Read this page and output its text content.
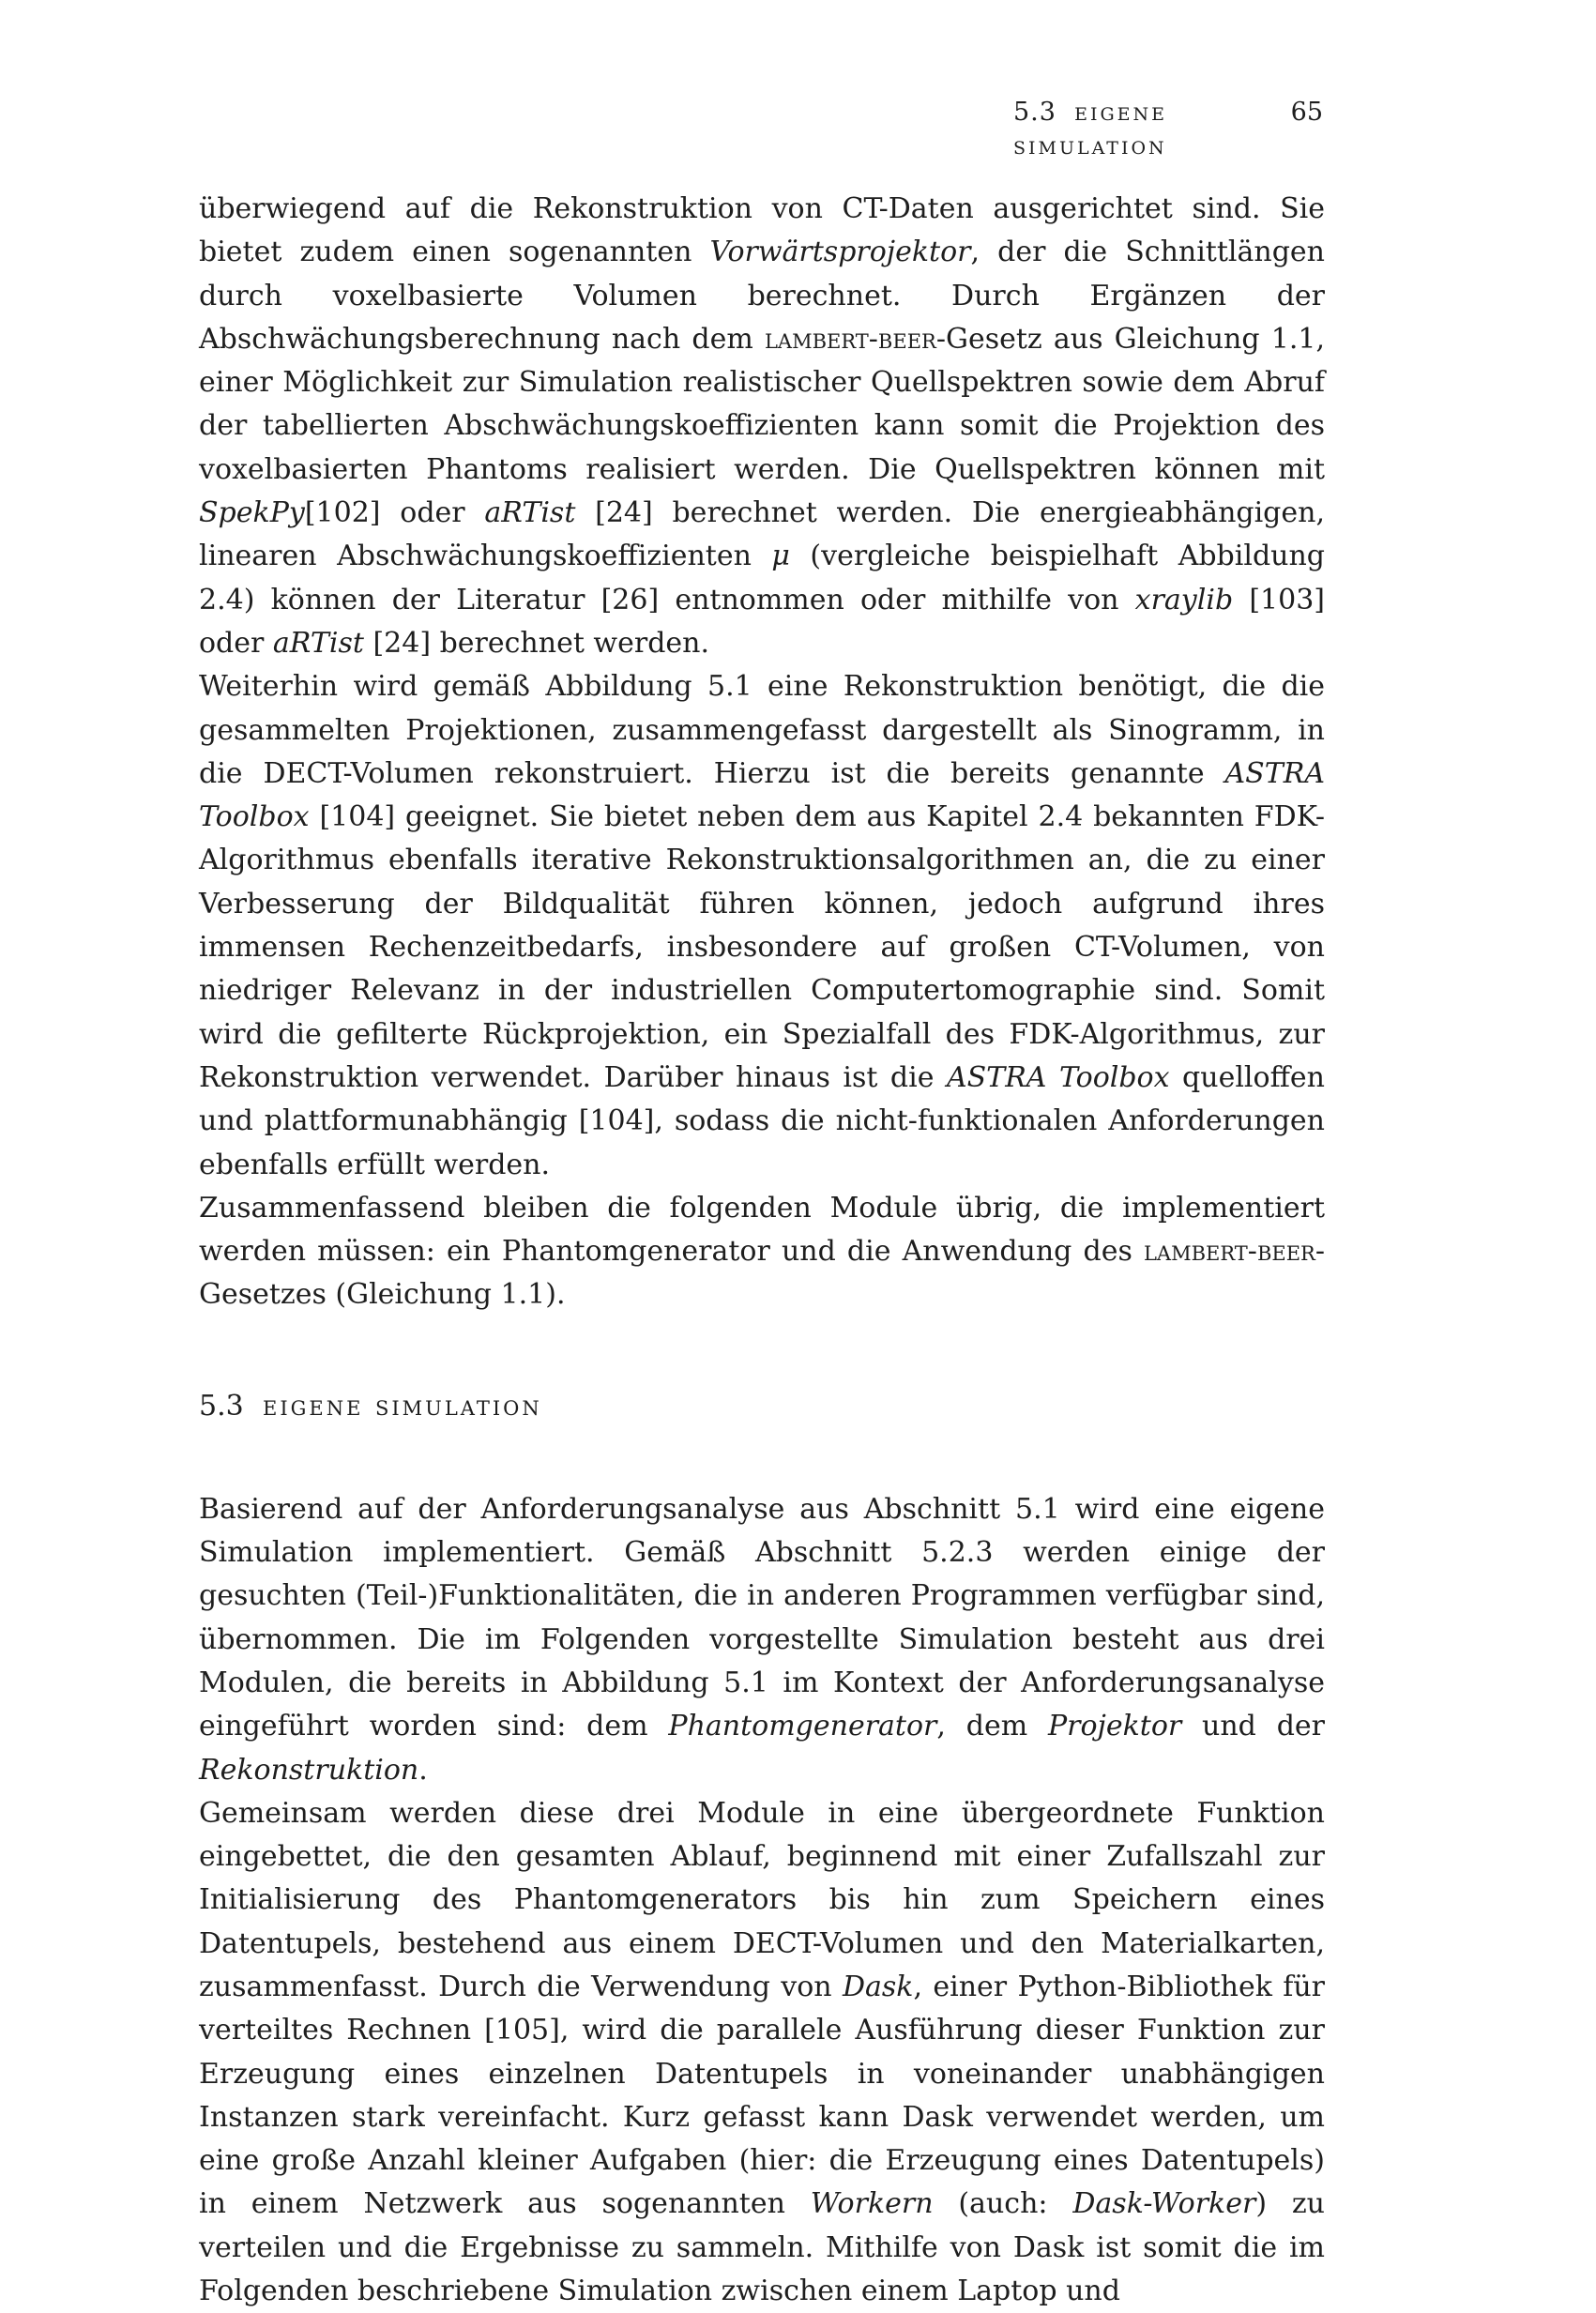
5.3 eigene simulation
65

überwiegend auf die Rekonstruktion von CT-Daten ausgerichtet sind. Sie bietet zudem einen sogenannten Vorwärtsprojektor, der die Schnittlängen durch voxelbasierte Volumen berechnet. Durch Ergänzen der Abschwächungsberechnung nach dem lambert-beer-Gesetz aus Gleichung 1.1, einer Möglichkeit zur Simulation realistischer Quellspektren sowie dem Abruf der tabellierten Abschwächungskoeffizienten kann somit die Projektion des voxelbasierten Phantoms realisiert werden. Die Quellspektren können mit SpekPy[102] oder aRTist [24] berechnet werden. Die energieabhängigen, linearen Abschwächungskoeffizienten μ (vergleiche beispielhaft Abbildung 2.4) können der Literatur [26] entnommen oder mithilfe von xraylib [103] oder aRTist [24] berechnet werden.

Weiterhin wird gemäß Abbildung 5.1 eine Rekonstruktion benötigt, die die gesammelten Projektionen, zusammengefasst dargestellt als Sinogramm, in die DECT-Volumen rekonstruiert. Hierzu ist die bereits genannte ASTRA Toolbox [104] geeignet. Sie bietet neben dem aus Kapitel 2.4 bekannten FDK-Algorithmus ebenfalls iterative Rekonstruktionsalgorithmen an, die zu einer Verbesserung der Bildqualität führen können, jedoch aufgrund ihres immensen Rechenzeitbedarfs, insbesondere auf großen CT-Volumen, von niedriger Relevanz in der industriellen Computertomographie sind. Somit wird die gefilterte Rückprojektion, ein Spezialfall des FDK-Algorithmus, zur Rekonstruktion verwendet. Darüber hinaus ist die ASTRA Toolbox quelloffen und plattformunabhängig [104], sodass die nicht-funktionalen Anforderungen ebenfalls erfüllt werden.

Zusammenfassend bleiben die folgenden Module übrig, die implementiert werden müssen: ein Phantomgenerator und die Anwendung des lambert-beer-Gesetzes (Gleichung 1.1).

5.3 eigene simulation

Basierend auf der Anforderungsanalyse aus Abschnitt 5.1 wird eine eigene Simulation implementiert. Gemäß Abschnitt 5.2.3 werden einige der gesuchten (Teil-)Funktionalitäten, die in anderen Programmen verfügbar sind, übernommen. Die im Folgenden vorgestellte Simulation besteht aus drei Modulen, die bereits in Abbildung 5.1 im Kontext der Anforderungsanalyse eingeführt worden sind: dem Phantomgenerator, dem Projektor und der Rekonstruktion.

Gemeinsam werden diese drei Module in eine übergeordnete Funktion eingebettet, die den gesamten Ablauf, beginnend mit einer Zufallszahl zur Initialisierung des Phantomgenerators bis hin zum Speichern eines Datentupels, bestehend aus einem DECT-Volumen und den Materialkarten, zusammenfasst. Durch die Verwendung von Dask, einer Python-Bibliothek für verteiltes Rechnen [105], wird die parallele Ausführung dieser Funktion zur Erzeugung eines einzelnen Datentupels in voneinander unabhängigen Instanzen stark vereinfacht. Kurz gefasst kann Dask verwendet werden, um eine große Anzahl kleiner Aufgaben (hier: die Erzeugung eines Datentupels) in einem Netzwerk aus sogenannten Workern (auch: Dask-Worker) zu verteilen und die Ergebnisse zu sammeln. Mithilfe von Dask ist somit die im Folgenden beschriebene Simulation zwischen einem Laptop und
